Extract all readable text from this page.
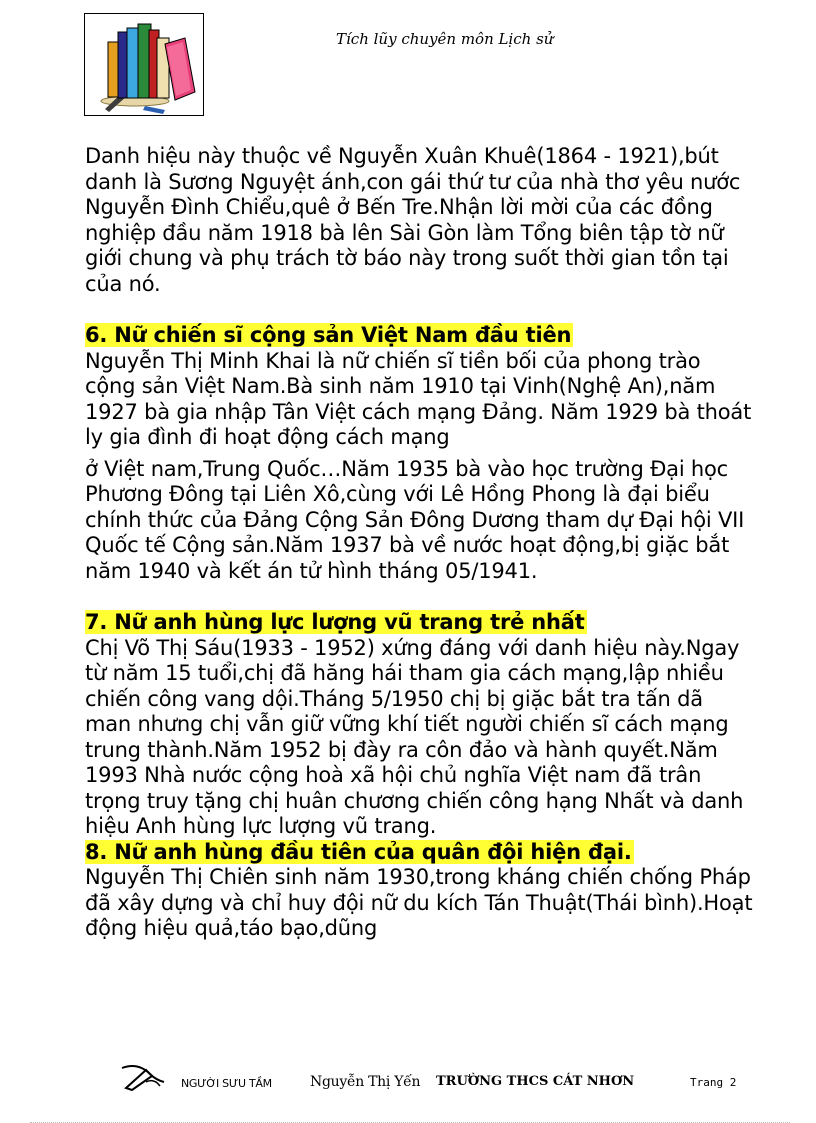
Tích lũy chuyên môn Lịch sử

Danh hiệu này thuộc về Nguyễn Xuân Khuê(1864 - 1921),bút danh là Sương Nguyệt ánh,con gái thứ tư của nhà thơ yêu nước Nguyễn Đình Chiểu,quê ở Bến Tre.Nhận lời mời của các đồng nghiệp đầu năm 1918 bà lên Sài Gòn làm Tổng biên tập tờ nữ giới chung và phụ trách tờ báo này trong suốt thời gian tồn tại của nó.

6. Nữ chiến sĩ cộng sản Việt Nam đầu tiên

Nguyễn Thị Minh Khai là nữ chiến sĩ tiền bối của phong trào cộng sản Việt Nam.Bà sinh năm 1910 tại Vinh(Nghệ An),năm 1927 bà gia nhập Tân Việt cách mạng Đảng. Năm 1929 bà thoát ly gia đình đi hoạt động cách mạng

ở Việt nam,Trung Quốc…Năm 1935 bà vào học trường Đại học Phương Đông tại Liên Xô,cùng với Lê Hồng Phong là đại biểu chính thức của Đảng Cộng Sản Đông Dương tham dự Đại hội VII Quốc tế Cộng sản.Năm 1937 bà về nước hoạt động,bị giặc bắt năm 1940 và kết án tử hình tháng 05/1941.

7. Nữ anh hùng lực lượng vũ trang trẻ nhất

Chị Võ Thị Sáu(1933 - 1952) xứng đáng với danh hiệu này.Ngay từ năm 15 tuổi,chị đã hăng hái tham gia cách mạng,lập nhiều chiến công vang dội.Tháng 5/1950 chị bị giặc bắt tra tấn dã man nhưng chị vẫn giữ vững khí tiết người chiến sĩ cách mạng trung thành.Năm 1952 bị đày ra côn đảo và hành quyết.Năm 1993 Nhà nước cộng hoà xã hội chủ nghĩa Việt nam đã trân trọng truy tặng chị huân chương chiến công hạng Nhất và danh hiệu Anh hùng lực lượng vũ trang.

8. Nữ anh hùng đầu tiên của quân đội hiện đại.

Nguyễn Thị Chiên sinh năm 1930,trong kháng chiến chống Pháp đã xây dựng và chỉ huy đội nữ du kích Tán Thuật(Thái bình).Hoạt động hiệu quả,táo bạo,dũng

NGƯỜI SƯU TẦM	Nguyễn Thị Yến TRƯỜNG THCS CÁT NHƠN	Trang 2
